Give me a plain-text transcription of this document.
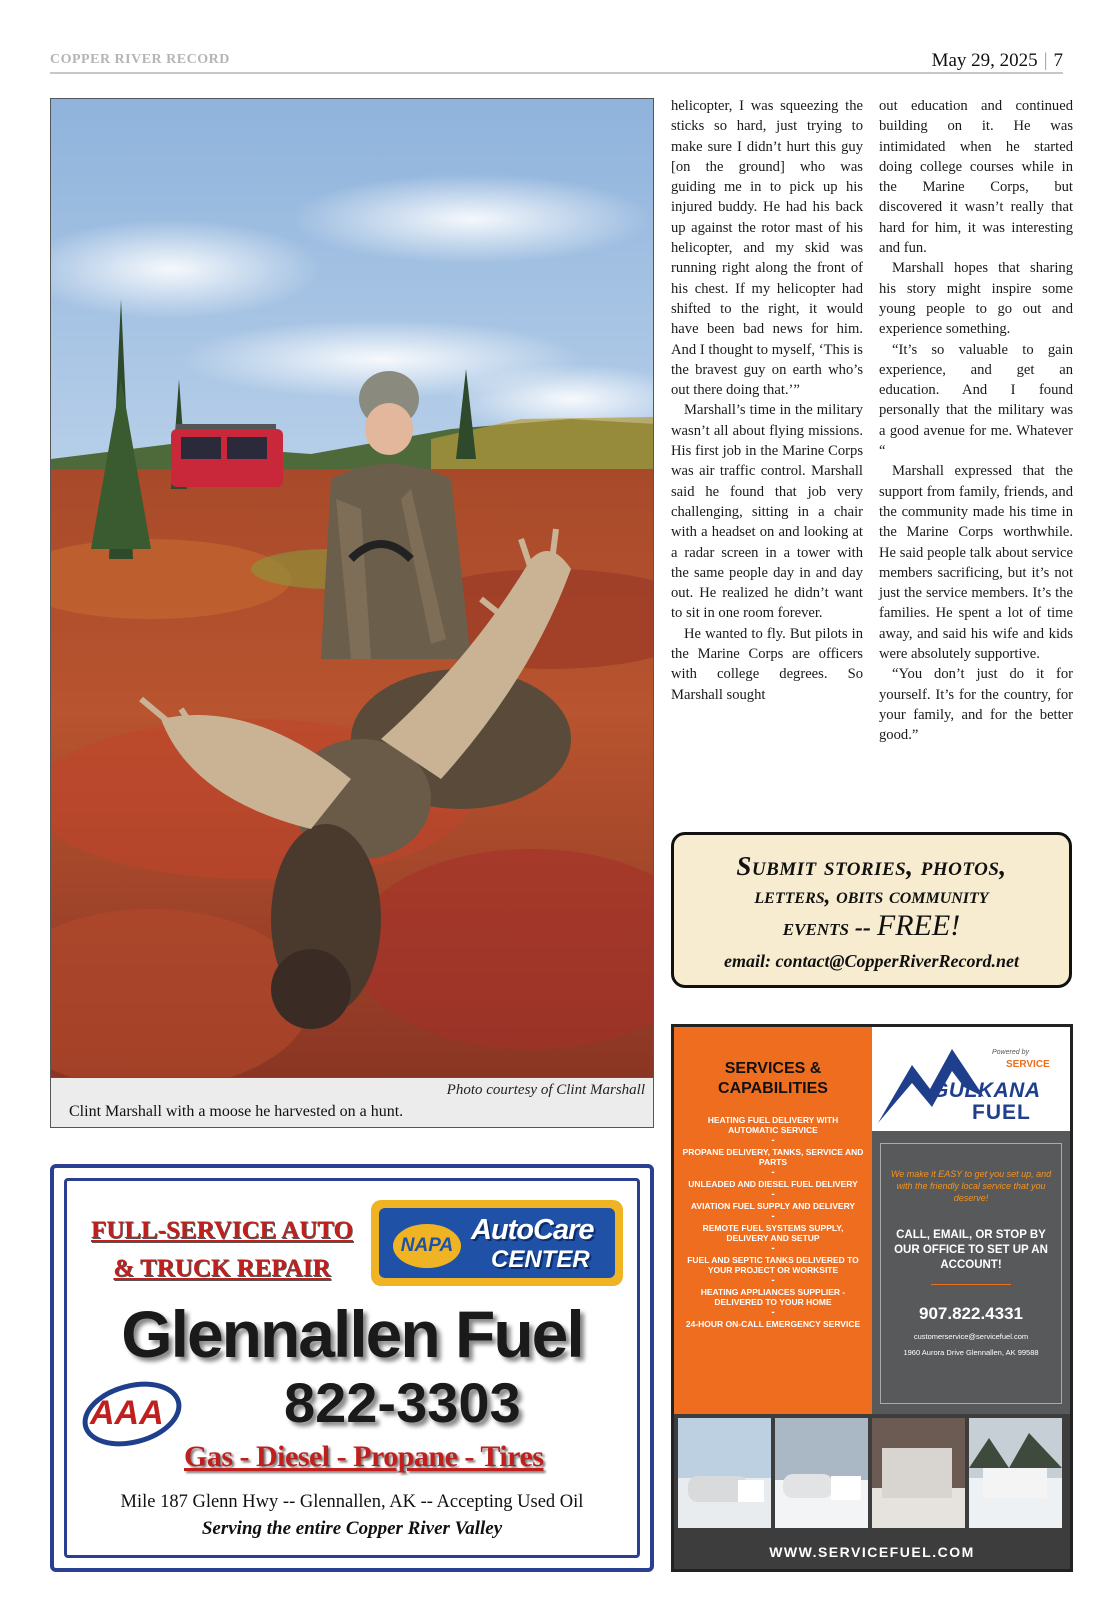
COPPER RIVER RECORD	May 29, 2025 | 7
Photo courtesy of Clint Marshall
Clint Marshall with a moose he harvested on a hunt.

helicopter, I was squeezing the sticks so hard, just trying to make sure I didn’t hurt this guy [on the ground] who was guiding me in to pick up his injured buddy. He had his back up against the rotor mast of his helicopter, and my skid was running right along the front of his chest. If my helicopter had shifted to the right, it would have been bad news for him. And I thought to myself, ‘This is the bravest guy on earth who’s out there doing that.’”

Marshall’s time in the military wasn’t all about flying missions. His first job in the Marine Corps was air traffic control. Marshall said he found that job very challenging, sitting in a chair with a headset on and looking at a radar screen in a tower with the same people day in and day out. He realized he didn’t want to sit in one room forever.

He wanted to fly. But pilots in the Marine Corps are officers with college degrees. So Marshall sought

out education and continued building on it. He was intimidated when he started doing college courses while in the Marine Corps, but discovered it wasn’t really that hard for him, it was interesting and fun.

Marshall hopes that sharing his story might inspire some young people to go out and experience something.

“It’s so valuable to gain experience, and get an education. And I found personally that the military was a good avenue for me. Whatever “

Marshall expressed that the support from family, friends, and the community made his time in the Marine Corps worthwhile. He said people talk about service members sacrificing, but it’s not just the service members. It’s the families. He spent a lot of time away, and said his wife and kids were absolutely supportive.

“You don’t just do it for yourself. It’s for the country, for your family, and for the better good.”

Submit stories, photos,
letters, obits community
events -- FREE!
email: contact@CopperRiverRecord.net
FULL-SERVICE AUTO
& TRUCK REPAIR
NAPA AutoCare
CENTER
Glennallen Fuel
AAA 822-3303
Gas - Diesel - Propane - Tires
Mile 187 Glenn Hwy -- Glennallen, AK -- Accepting Used Oil
Serving the entire Copper River Valley
SERVICES & CAPABILITIES
HEATING FUEL DELIVERY WITH AUTOMATIC SERVICE
-
PROPANE DELIVERY, TANKS, SERVICE AND PARTS
-
UNLEADED AND DIESEL FUEL DELIVERY
-
AVIATION FUEL SUPPLY AND DELIVERY
-
REMOTE FUEL SYSTEMS SUPPLY, DELIVERY AND SETUP
-
FUEL AND SEPTIC TANKS DELIVERED TO YOUR PROJECT OR WORKSITE
-
HEATING APPLIANCES SUPPLIER - DELIVERED TO YOUR HOME
-
24-HOUR ON-CALL EMERGENCY SERVICE
Powered by
SERVICE
GULKANA
FUEL
We make it EASY to get you set up, and with the friendly local service that you deserve!
CALL, EMAIL, OR STOP BY OUR OFFICE TO SET UP AN ACCOUNT!
907.822.4331
customerservice@servicefuel.com
1960 Aurora Drive Glennallen, AK 99588
WWW.SERVICEFUEL.COM
